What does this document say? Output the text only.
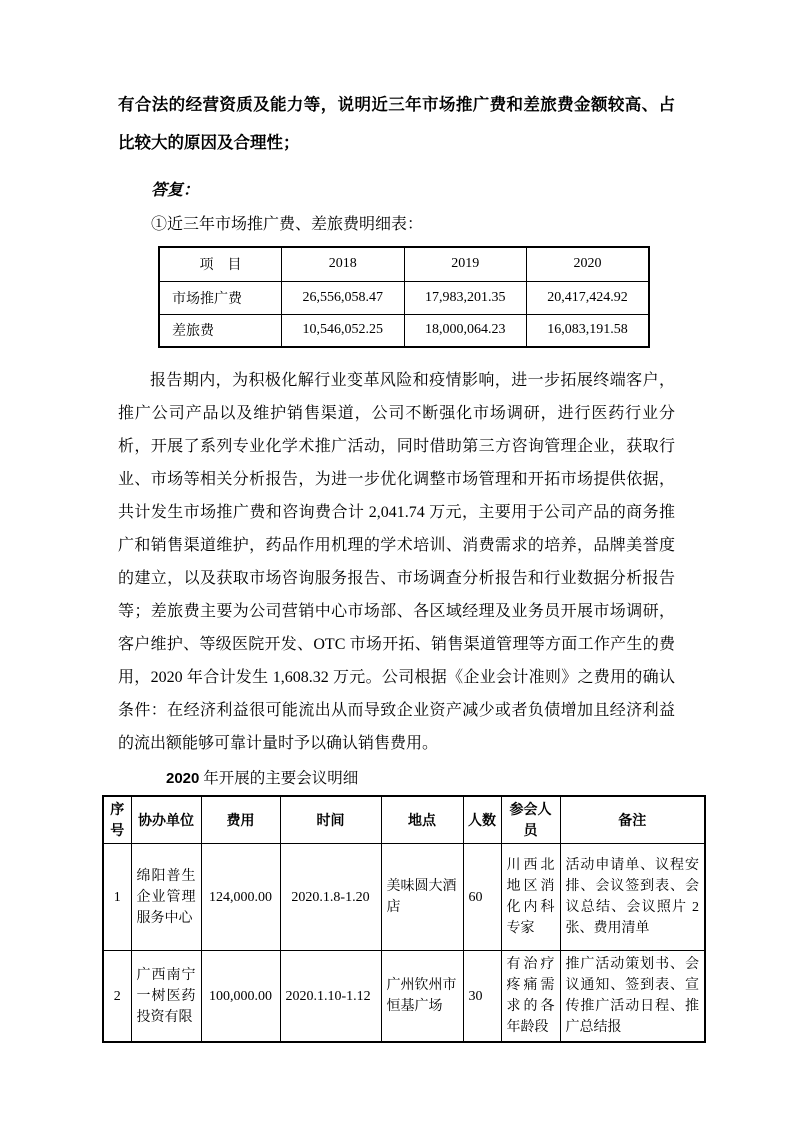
有合法的经营资质及能力等，说明近三年市场推广费和差旅费金额较高、占比较大的原因及合理性；

答复：

①近三年市场推广费、差旅费明细表：

项　目	2018	2019	2020
市场推广费	26,556,058.47	17,983,201.35	20,417,424.92
差旅费	10,546,052.25	18,000,064.23	16,083,191.58

报告期内，为积极化解行业变革风险和疫情影响，进一步拓展终端客户，推广公司产品以及维护销售渠道，公司不断强化市场调研，进行医药行业分析，开展了系列专业化学术推广活动，同时借助第三方咨询管理企业，获取行业、市场等相关分析报告，为进一步优化调整市场管理和开拓市场提供依据，共计发生市场推广费和咨询费合计 2,041.74 万元，主要用于公司产品的商务推广和销售渠道维护，药品作用机理的学术培训、消费需求的培养，品牌美誉度的建立，以及获取市场咨询服务报告、市场调查分析报告和行业数据分析报告等；差旅费主要为公司营销中心市场部、各区域经理及业务员开展市场调研，客户维护、等级医院开发、OTC 市场开拓、销售渠道管理等方面工作产生的费用，2020 年合计发生 1,608.32 万元。公司根据《企业会计准则》之费用的确认条件：在经济利益很可能流出从而导致企业资产减少或者负债增加且经济利益的流出额能够可靠计量时予以确认销售费用。

2020 年开展的主要会议明细

序号	协办单位	费用	时间	地点	人数	参会人员	备注
1	绵阳普生企业管理服务中心	124,000.00	2020.1.8-1.20	美味圆大酒店	60	川西北地区消化内科专家	活动申请单、议程安排、会议签到表、会议总结、会议照片 2 张、费用清单
2	广西南宁一树医药投资有限	100,000.00	2020.1.10-1.12	广州钦州市恒基广场	30	有治疗疼痛需求的各年龄段	推广活动策划书、会议通知、签到表、宣传推广活动日程、推广总结报
